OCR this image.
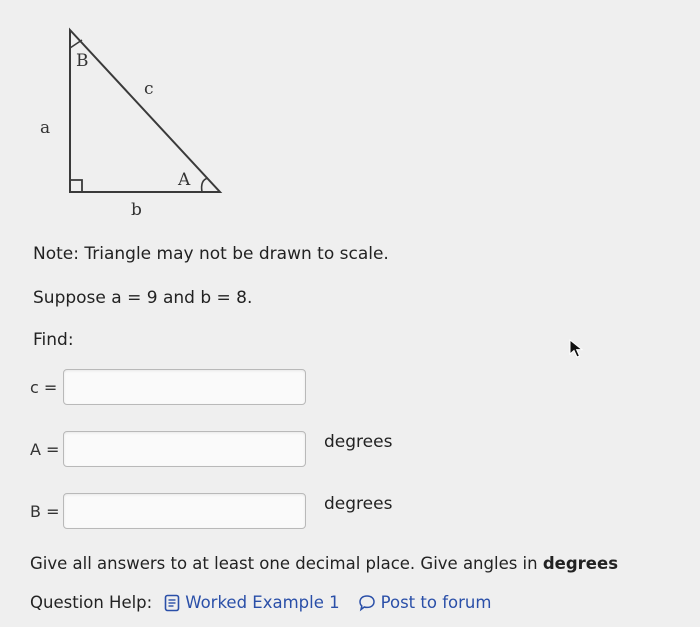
B
A
a
b
c
Note: Triangle may not be drawn to scale.
Suppose a = 9 and b = 8.
Find:
c =
A =	degrees
B =	degrees
Give all answers to at least one decimal place. Give angles in degrees
Question Help: Worked Example 1 Post to forum
